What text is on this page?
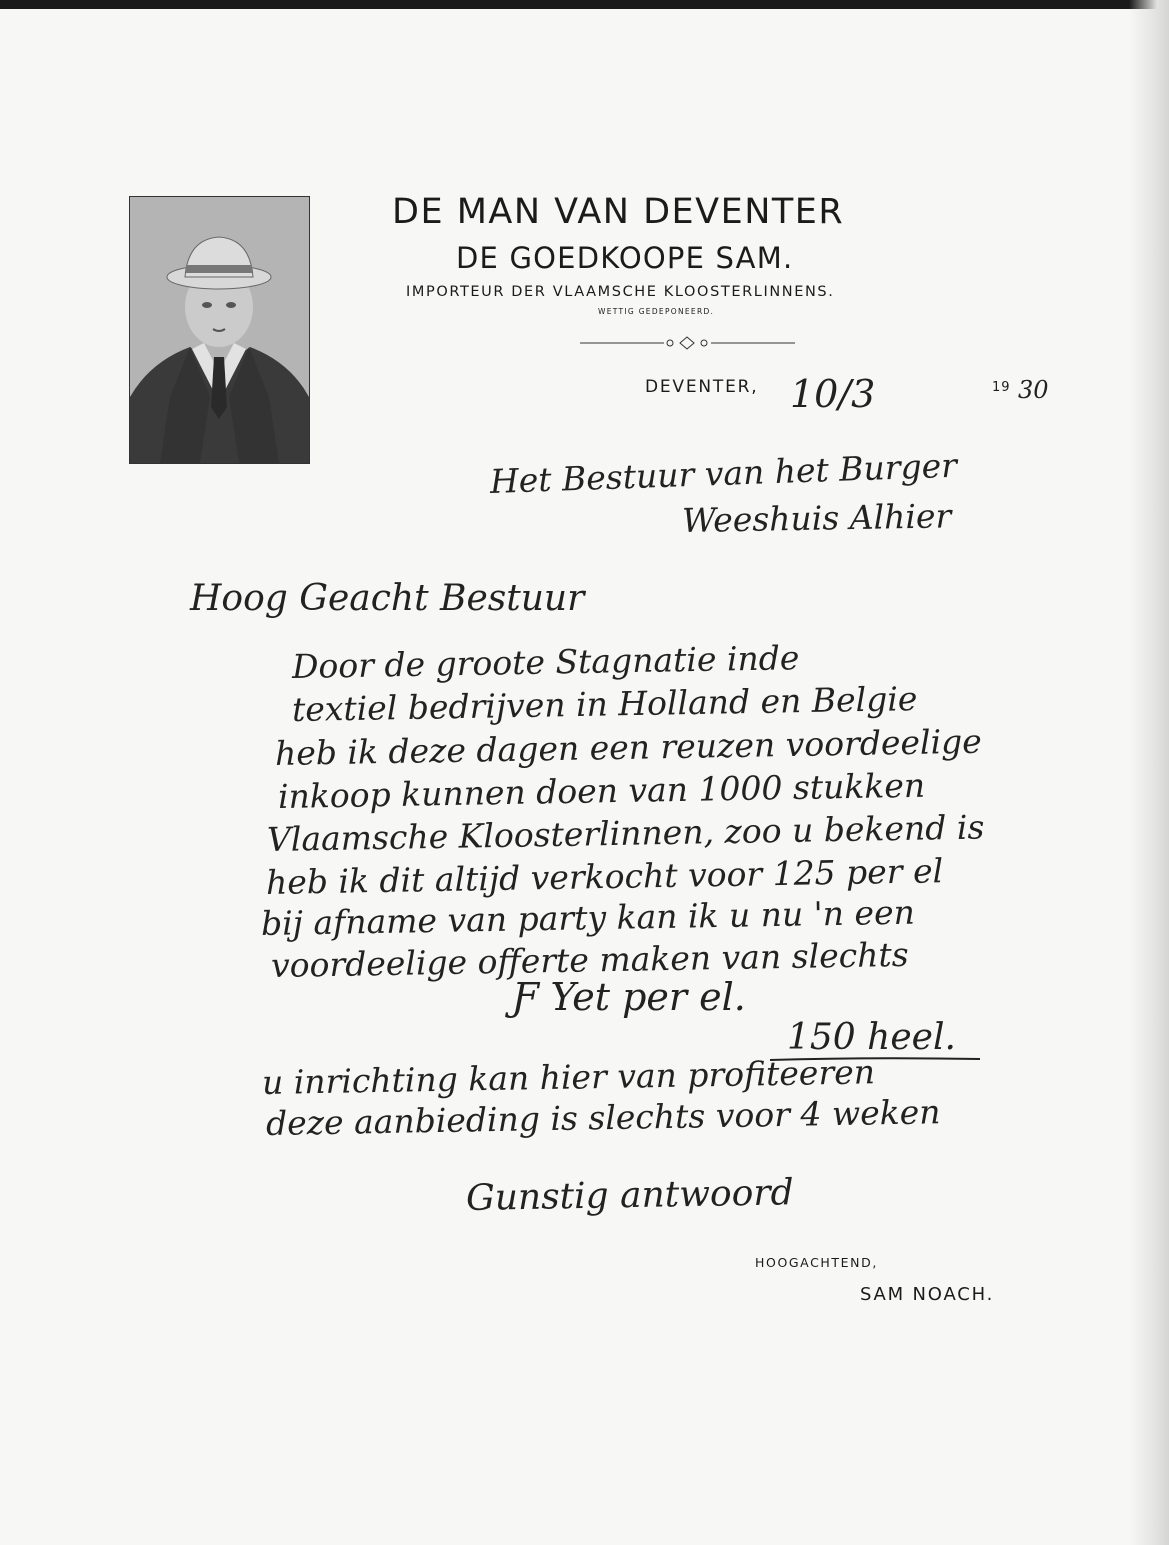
DE MAN VAN DEVENTER
DE GOEDKOOPE SAM.
IMPORTEUR DER VLAAMSCHE KLOOSTERLINNENS.
WETTIG GEDEPONEERD.
DEVENTER, 10/3	19 30
Het Bestuur van het Burger
Weeshuis Alhier
Hoog Geacht Bestuur
Door de groote Stagnatie inde
textiel bedrijven in Holland en Belgie
heb ik deze dagen een reuzen voordeelige
inkoop kunnen doen van 1000 stukken
Vlaamsche Kloosterlinnen, zoo u bekend is
heb ik dit altijd verkocht voor 125 per el
bij afname van party kan ik u nu 'n een
voordeelige offerte maken van slechts
Ƒ Yet per el.
150 heel.
u inrichting kan hier van profiteeren
deze aanbieding is slechts voor 4 weken
Gunstig antwoord
HOOGACHTEND,
SAM NOACH.
